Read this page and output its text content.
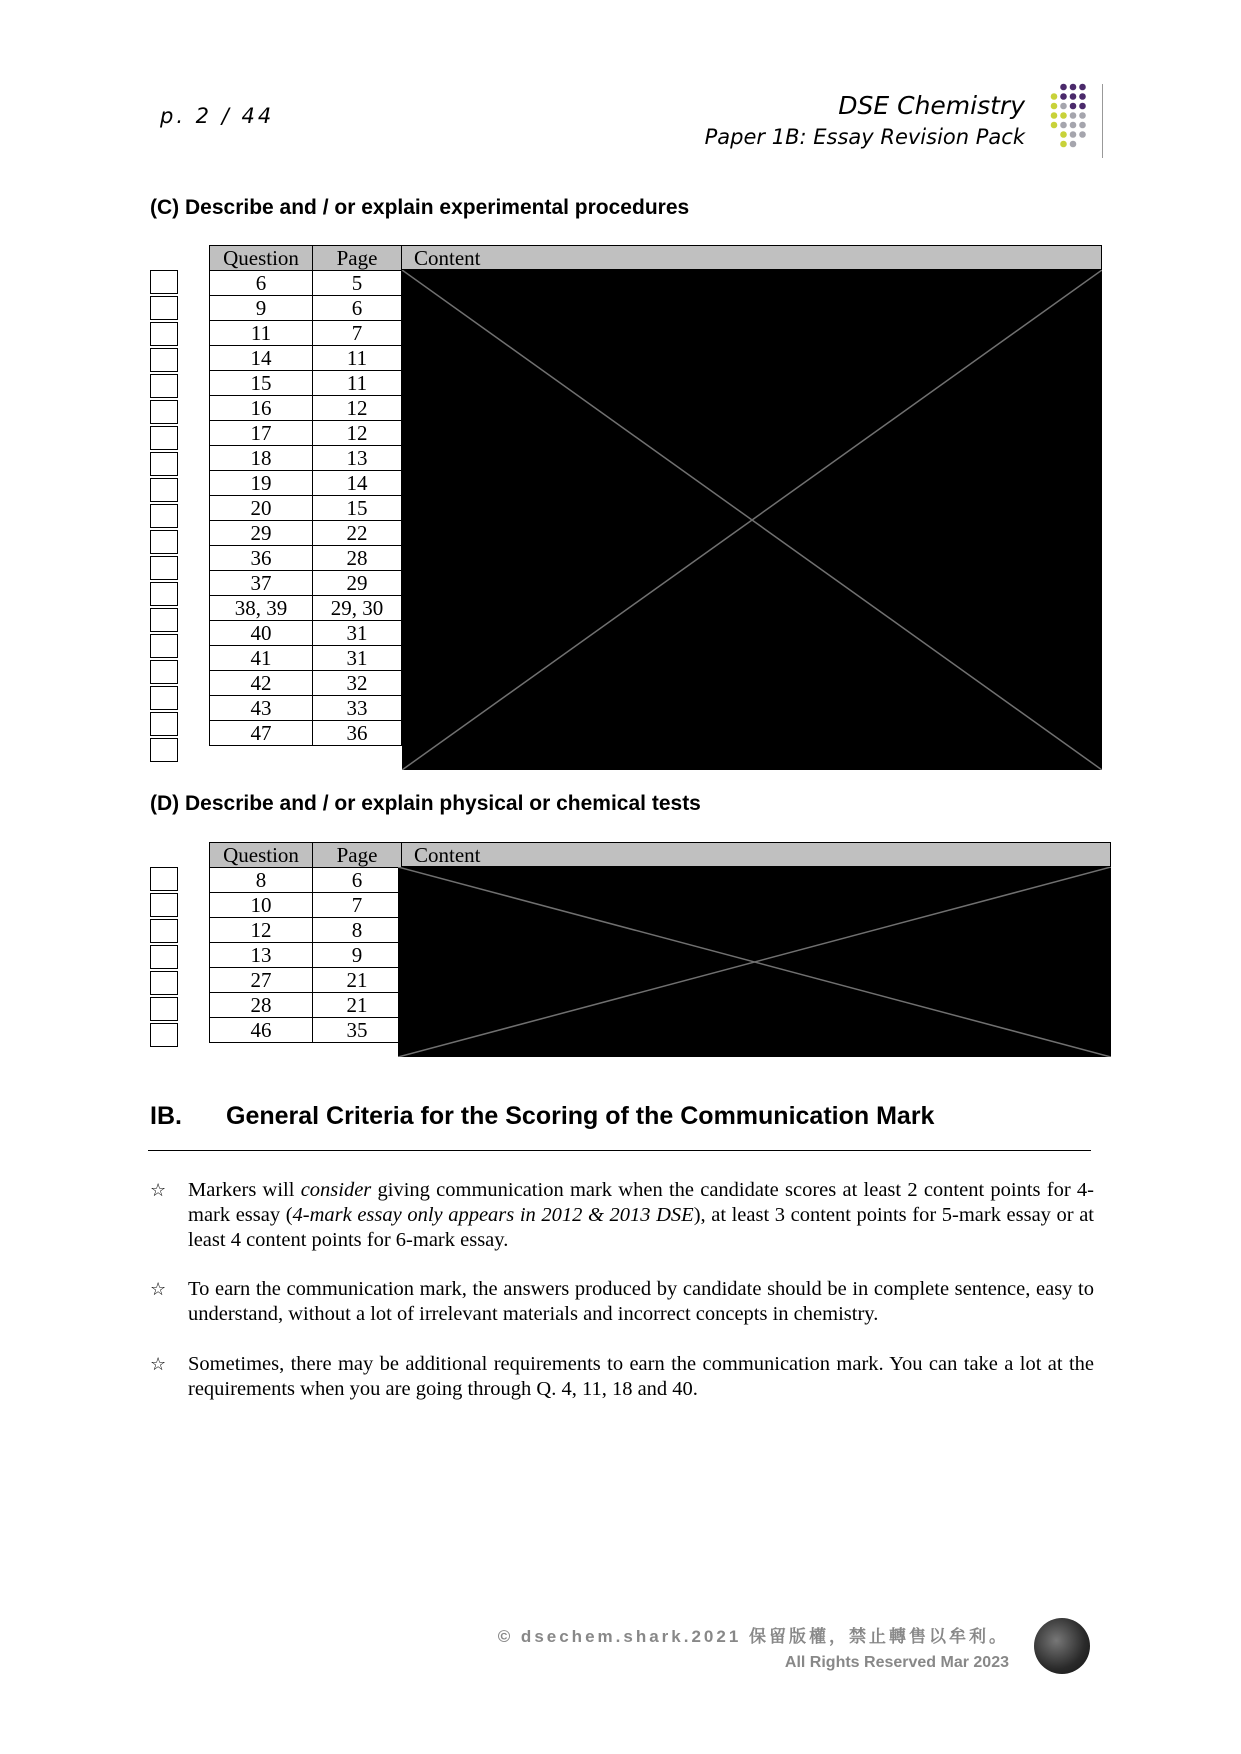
p. 2 / 44	DSE Chemistry
Paper 1B: Essay Revision Pack
(C) Describe and / or explain experimental procedures
Question	Page
6	5
9	6
11	7
14	11
15	11
16	12
17	12
18	13
19	14
20	15
29	22
36	28
37	29
38, 39	29, 30
40	31
41	31
42	32
43	33
47	36
Content
(D) Describe and / or explain physical or chemical tests
Question	Page
8	6
10	7
12	8
13	9
27	21
28	21
46	35
Content
IB. General Criteria for the Scoring of the Communication Mark
☆ Markers will consider giving communication mark when the candidate scores at least 2 content points for 4-mark essay (4-mark essay only appears in 2012 & 2013 DSE), at least 3 content points for 5-mark essay or at least 4 content points for 6-mark essay.
☆ To earn the communication mark, the answers produced by candidate should be in complete sentence, easy to understand, without a lot of irrelevant materials and incorrect concepts in chemistry.
☆ Sometimes, there may be additional requirements to earn the communication mark. You can take a lot at the requirements when you are going through Q. 4, 11, 18 and 40.
© dsechem.shark.2021 保留版權，禁止轉售以牟利。
All Rights Reserved Mar 2023
